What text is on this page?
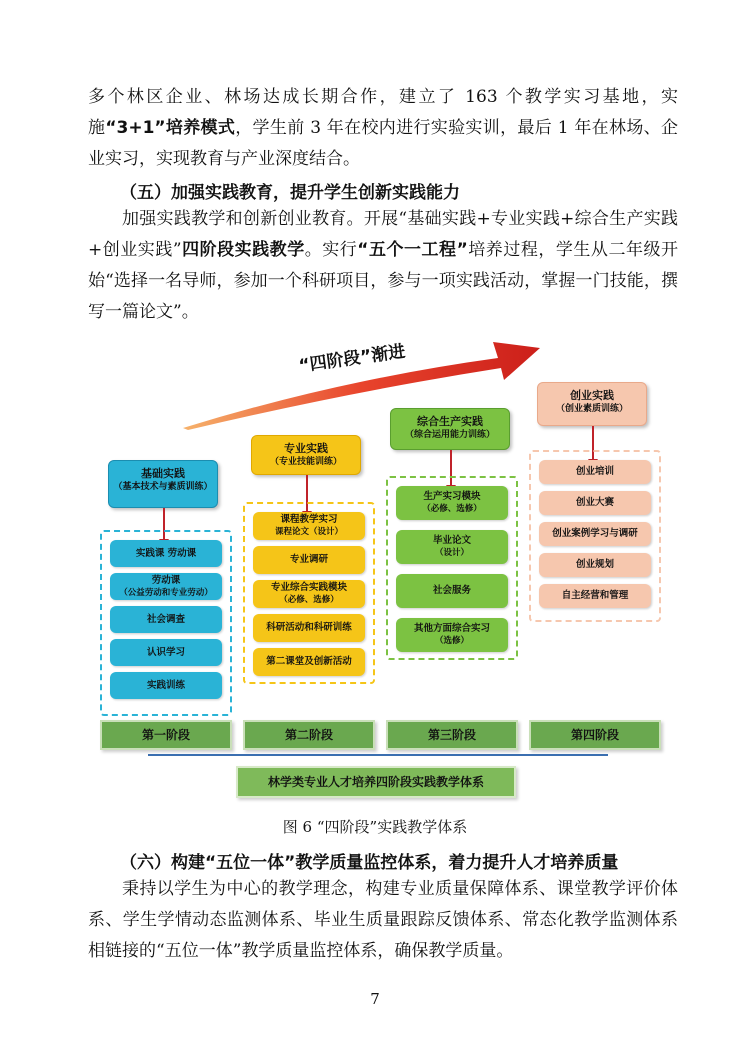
多个林区企业、林场达成长期合作，建立了 163 个教学实习基地，实施“3+1”培养模式，学生前 3 年在校内进行实验实训，最后 1 年在林场、企业实习，实现教育与产业深度结合。
（五）加强实践教育，提升学生创新实践能力
加强实践教学和创新创业教育。开展“基础实践+专业实践+综合生产实践+创业实践”四阶段实践教学。实行“五个一工程”培养过程，学生从二年级开始“选择一名导师，参加一个科研项目，参与一项实践活动，掌握一门技能，撰写一篇论文”。
“四阶段”渐进
基础实践
（基本技术与素质训练）
实践课 劳动课
劳动课
（公益劳动和专业劳动）
社会调查
认识学习
实践训练
专业实践
（专业技能训练）
课程教学实习
课程论文（设计）
专业调研
专业综合实践模块
（必修、选修）
科研活动和科研训练
第二课堂及创新活动
综合生产实践
（综合运用能力训练）
生产实习模块
（必修、选修）
毕业论文
（设计）
社会服务
其他方面综合实习
（选修）
创业实践
（创业素质训练）
创业培训
创业大赛
创业案例学习与调研
创业规划
自主经营和管理
第一阶段	第二阶段	第三阶段	第四阶段
林学类专业人才培养四阶段实践教学体系
图 6 “四阶段”实践教学体系
（六）构建“五位一体”教学质量监控体系，着力提升人才培养质量
秉持以学生为中心的教学理念，构建专业质量保障体系、课堂教学评价体系、学生学情动态监测体系、毕业生质量跟踪反馈体系、常态化教学监测体系相链接的“五位一体”教学质量监控体系，确保教学质量。
7
